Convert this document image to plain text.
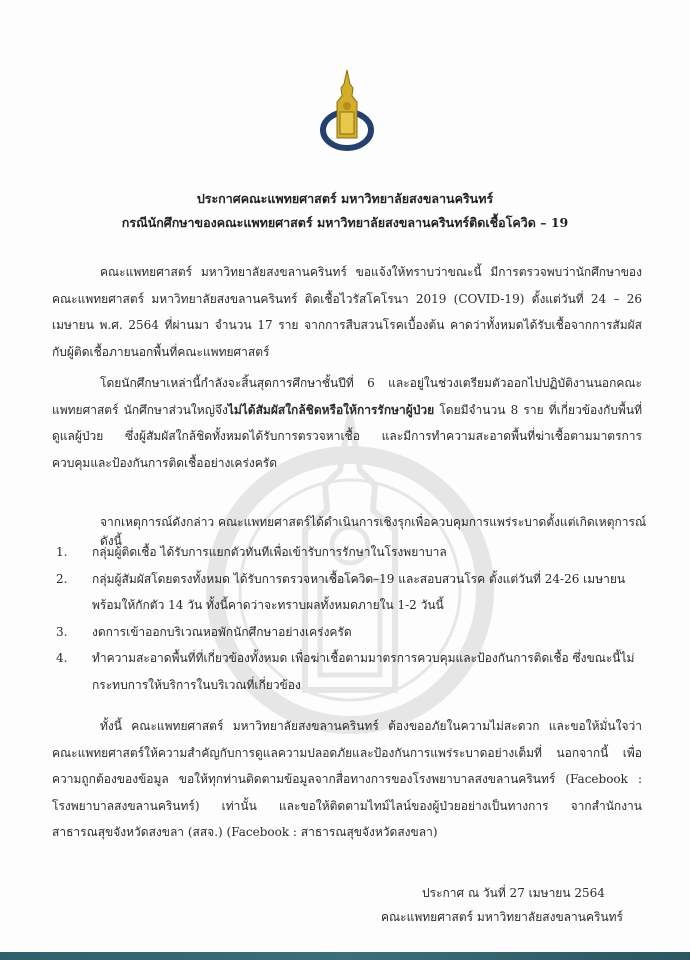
ประกาศคณะแพทยศาสตร์ มหาวิทยาลัยสงขลานครินทร์
กรณีนักศึกษาของคณะแพทยศาสตร์ มหาวิทยาลัยสงขลานครินทร์ติดเชื้อโควิด – 19
คณะแพทยศาสตร์ มหาวิทยาลัยสงขลานครินทร์ ขอแจ้งให้ทราบว่าขณะนี้ มีการตรวจพบว่านักศึกษาของคณะแพทยศาสตร์ มหาวิทยาลัยสงขลานครินทร์ ติดเชื้อไวรัสโคโรนา 2019 (COVID-19) ตั้งแต่วันที่ 24 – 26 เมษายน พ.ศ. 2564 ที่ผ่านมา จำนวน 17 ราย จากการสืบสวนโรคเบื้องต้น คาดว่าทั้งหมดได้รับเชื้อจากการสัมผัสกับผู้ติดเชื้อภายนอกพื้นที่คณะแพทยศาสตร์
โดยนักศึกษาเหล่านี้กำลังจะสิ้นสุดการศึกษาชั้นปีที่ 6 และอยู่ในช่วงเตรียมตัวออกไปปฏิบัติงานนอกคณะแพทยศาสตร์ นักศึกษาส่วนใหญ่จึงไม่ได้สัมผัสใกล้ชิดหรือให้การรักษาผู้ป่วย โดยมีจำนวน 8 ราย ที่เกี่ยวข้องกับพื้นที่ดูแลผู้ป่วย ซึ่งผู้สัมผัสใกล้ชิดทั้งหมดได้รับการตรวจหาเชื้อ และมีการทำความสะอาดพื้นที่ฆ่าเชื้อตามมาตรการควบคุมและป้องกันการติดเชื้ออย่างเคร่งครัด
จากเหตุการณ์ดังกล่าว คณะแพทยศาสตร์ได้ดำเนินการเชิงรุกเพื่อควบคุมการแพร่ระบาดตั้งแต่เกิดเหตุการณ์ ดังนี้
1. กลุ่มผู้ติดเชื้อ ได้รับการแยกตัวทันทีเพื่อเข้ารับการรักษาในโรงพยาบาล
2. กลุ่มผู้สัมผัสโดยตรงทั้งหมด ได้รับการตรวจหาเชื้อโควิด–19 และสอบสวนโรค ตั้งแต่วันที่ 24-26 เมษายน พร้อมให้กักตัว 14 วัน ทั้งนี้คาดว่าจะทราบผลทั้งหมดภายใน 1-2 วันนี้
3. งดการเข้าออกบริเวณหอพักนักศึกษาอย่างเคร่งครัด
4. ทำความสะอาดพื้นที่ที่เกี่ยวข้องทั้งหมด เพื่อฆ่าเชื้อตามมาตรการควบคุมและป้องกันการติดเชื้อ ซึ่งขณะนี้ไม่กระทบการให้บริการในบริเวณที่เกี่ยวข้อง
ทั้งนี้ คณะแพทยศาสตร์ มหาวิทยาลัยสงขลานครินทร์ ต้องขออภัยในความไม่สะดวก และขอให้มั่นใจว่าคณะแพทยศาสตร์ให้ความสำคัญกับการดูแลความปลอดภัยและป้องกันการแพร่ระบาดอย่างเต็มที่ นอกจากนี้ เพื่อความถูกต้องของข้อมูล ขอให้ทุกท่านติดตามข้อมูลจากสื่อทางการของโรงพยาบาลสงขลานครินทร์ (Facebook : โรงพยาบาลสงขลานครินทร์) เท่านั้น และขอให้ติดตามไทม์ไลน์ของผู้ป่วยอย่างเป็นทางการ จากสำนักงานสาธารณสุขจังหวัดสงขลา (สสจ.) (Facebook : สาธารณสุขจังหวัดสงขลา)
ประกาศ ณ วันที่ 27 เมษายน 2564
คณะแพทยศาสตร์ มหาวิทยาลัยสงขลานครินทร์
